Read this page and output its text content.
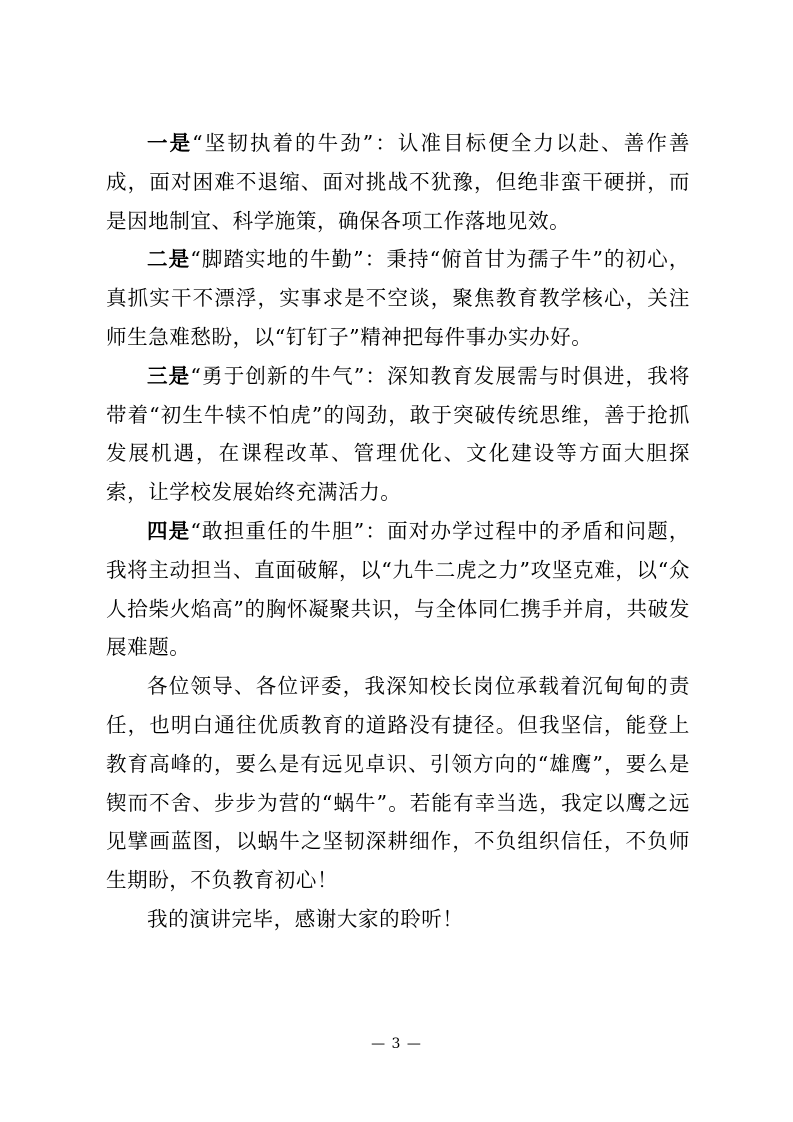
一是“坚韧执着的牛劲”：认准目标便全力以赴、善作善成，面对困难不退缩、面对挑战不犹豫，但绝非蛮干硬拼，而是因地制宜、科学施策，确保各项工作落地见效。

二是“脚踏实地的牛勤”：秉持“俯首甘为孺子牛”的初心，真抓实干不漂浮，实事求是不空谈，聚焦教育教学核心，关注师生急难愁盼，以“钉钉子”精神把每件事办实办好。

三是“勇于创新的牛气”：深知教育发展需与时俱进，我将带着“初生牛犊不怕虎”的闯劲，敢于突破传统思维，善于抢抓发展机遇，在课程改革、管理优化、文化建设等方面大胆探索，让学校发展始终充满活力。

四是“敢担重任的牛胆”：面对办学过程中的矛盾和问题，我将主动担当、直面破解，以“九牛二虎之力”攻坚克难，以“众人拾柴火焰高”的胸怀凝聚共识，与全体同仁携手并肩，共破发展难题。

各位领导、各位评委，我深知校长岗位承载着沉甸甸的责任，也明白通往优质教育的道路没有捷径。但我坚信，能登上教育高峰的，要么是有远见卓识、引领方向的“雄鹰”，要么是锲而不舍、步步为营的“蜗牛”。若能有幸当选，我定以鹰之远见擘画蓝图，以蜗牛之坚韧深耕细作，不负组织信任，不负师生期盼，不负教育初心！

我的演讲完毕，感谢大家的聆听！

— 3 —
